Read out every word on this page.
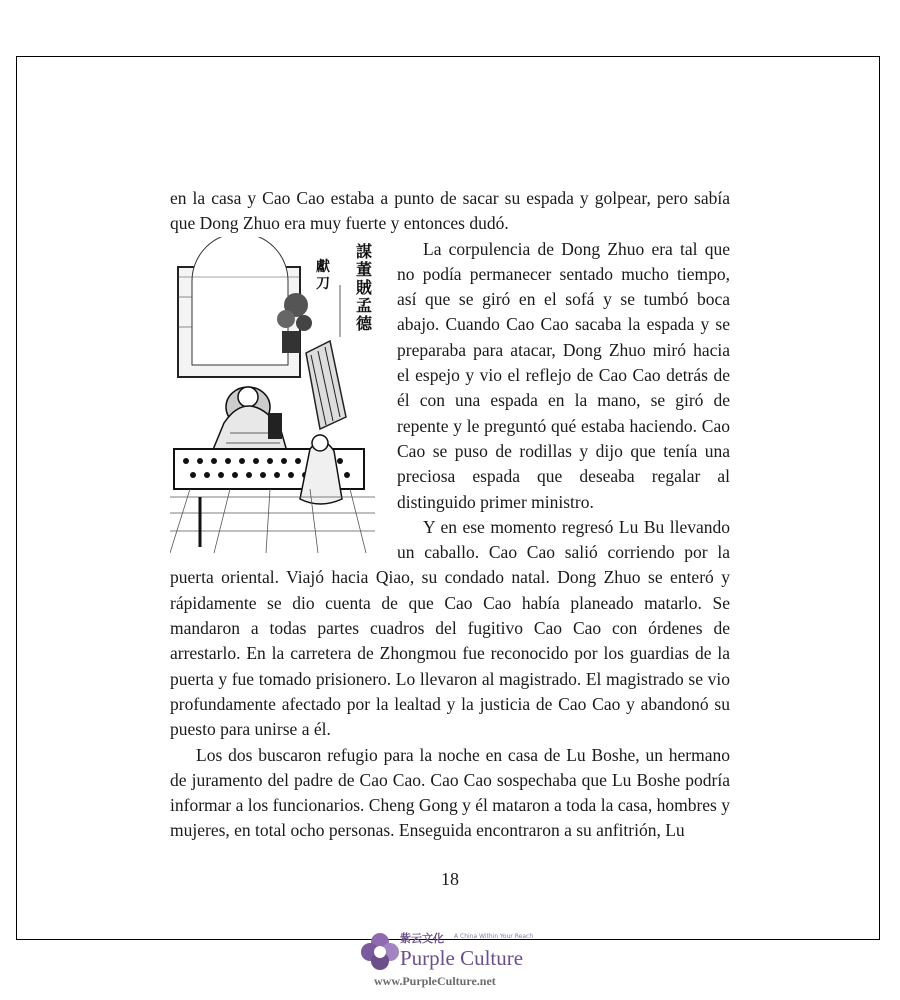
en la casa y Cao Cao estaba a punto de sacar su espada y golpear, pero sabía que Dong Zhuo era muy fuerte y entonces dudó.

謀董 賊孟 德
獻刀
La corpulencia de Dong Zhuo era tal que no podía permanecer sentado mucho tiempo, así que se giró en el sofá y se tumbó boca abajo. Cuando Cao Cao sacaba la espada y se preparaba para atacar, Dong Zhuo miró hacia el espejo y vio el reflejo de Cao Cao detrás de él con una espada en la mano, se giró de repente y le preguntó qué estaba haciendo. Cao Cao se puso de rodillas y dijo que tenía una preciosa espada que deseaba regalar al distinguido primer ministro.

Y en ese momento regresó Lu Bu llevando un caballo. Cao Cao salió corriendo por la puerta oriental. Viajó hacia Qiao, su condado natal. Dong Zhuo se enteró y rápidamente se dio cuenta de que Cao Cao había planeado matarlo. Se mandaron a todas partes cuadros del fugitivo Cao Cao con órdenes de arrestarlo. En la carretera de Zhongmou fue reconocido por los guardias de la puerta y fue tomado prisionero. Lo llevaron al magistrado. El magistrado se vio profundamente afectado por la lealtad y la justicia de Cao Cao y abandonó su puesto para unirse a él.

Los dos buscaron refugio para la noche en casa de Lu Boshe, un hermano de juramento del padre de Cao Cao. Cao Cao sospechaba que Lu Boshe podría informar a los funcionarios. Cheng Gong y él mataron a toda la casa, hombres y mujeres, en total ocho personas. Enseguida encontraron a su anfitrión, Lu

18
紫云文化 A China Within Your Reach
Purple Culture
www.PurpleCulture.net
